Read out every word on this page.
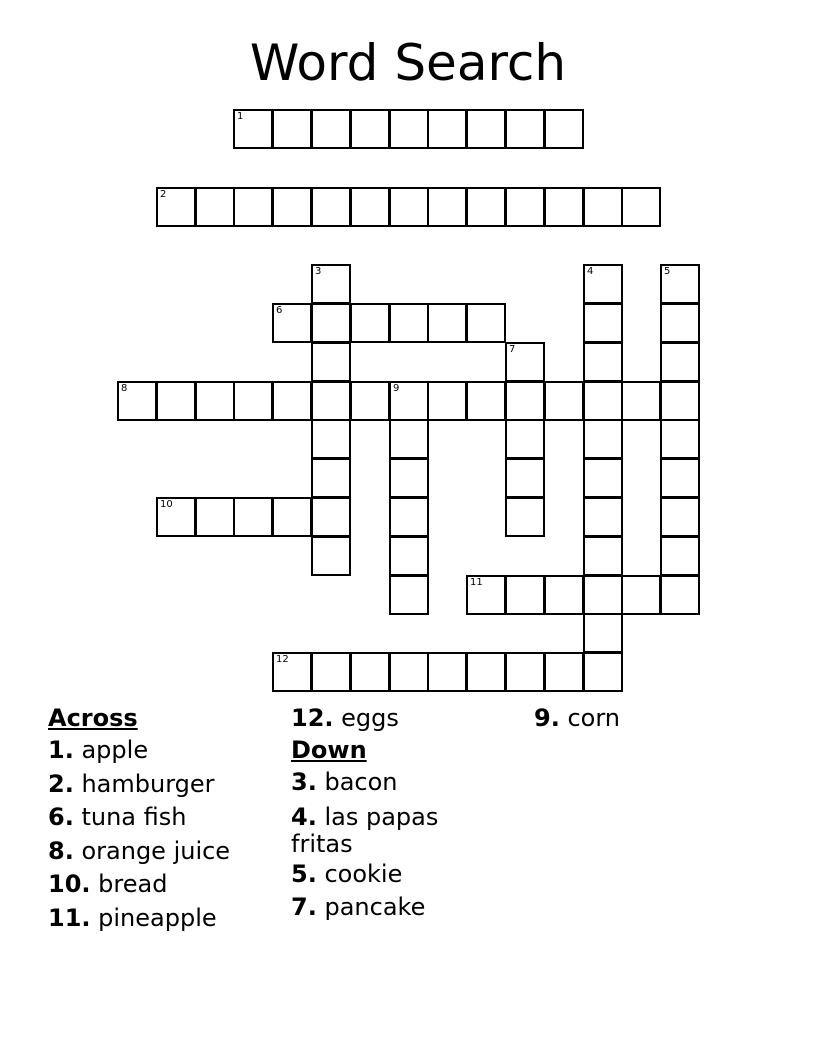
Word Search
1
2
3	4	5
6
7
8	9
10
11
12
Across
1. apple
2. hamburger
6. tuna fish
8. orange juice
10. bread
11. pineapple
12. eggs
Down
3. bacon
4. las papas
fritas
5. cookie
7. pancake
9. corn
